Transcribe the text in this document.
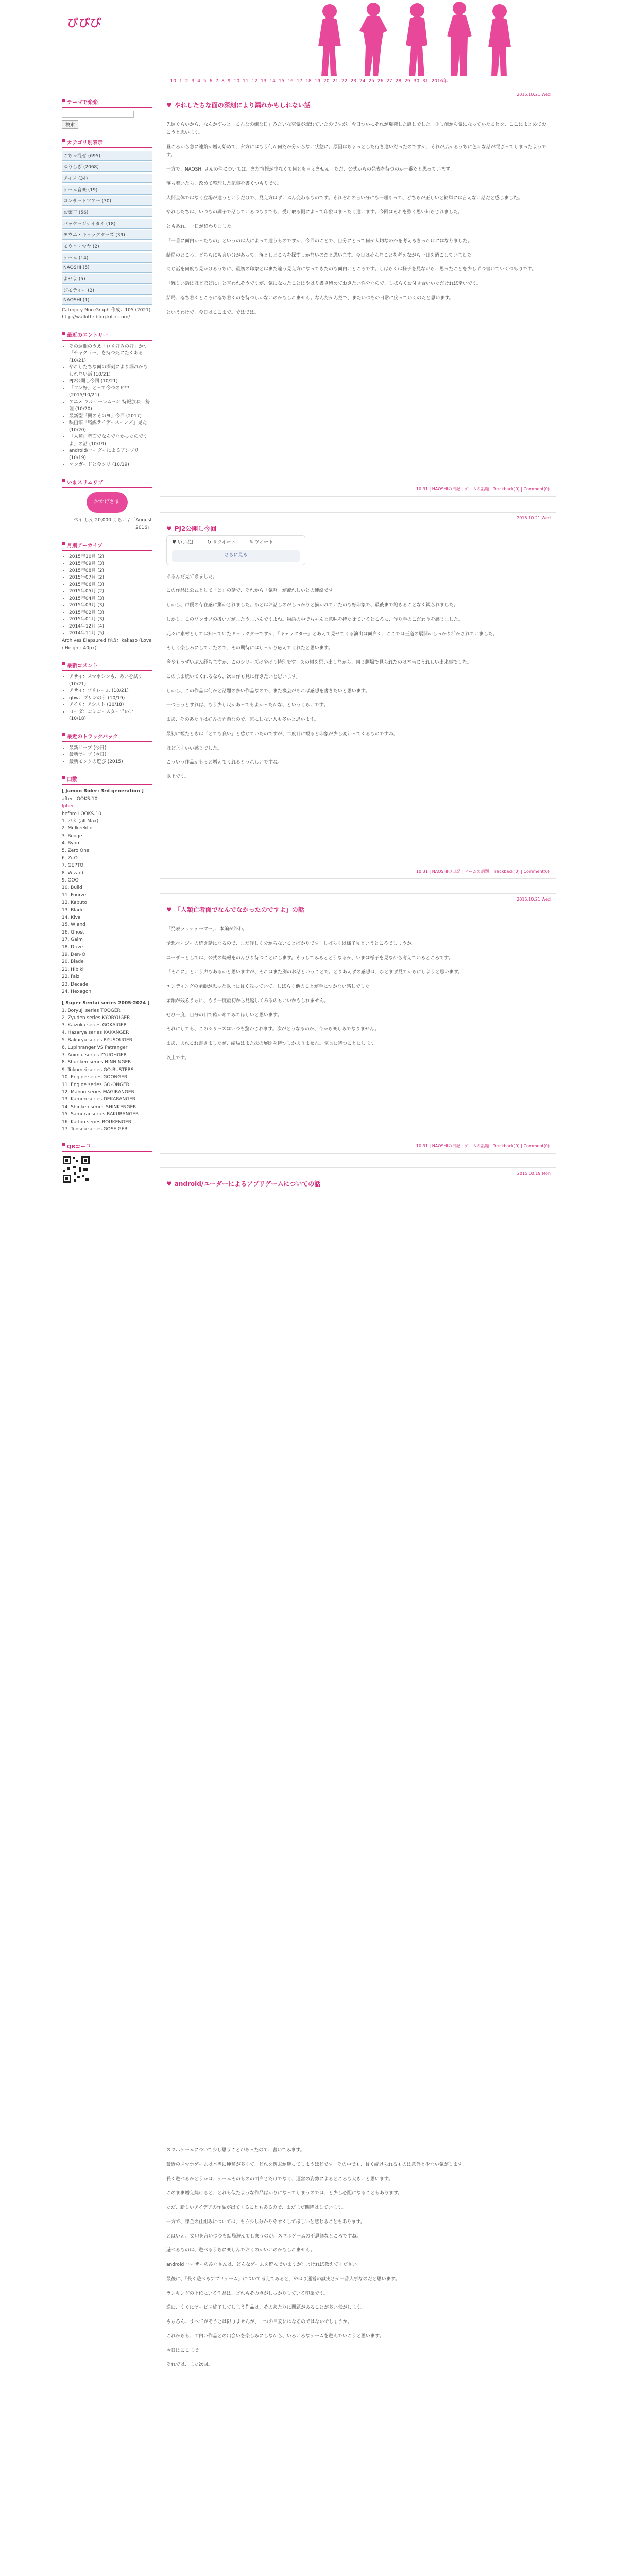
ぴぴぴ
10 1 2 3 4 5 6 7 8 9 10 11 12 13 14 15 16 17 18 19 20 21 22 23 24 25 26 27 28 29 30 31 2016年
テーマで楽楽
検索
カテゴリ別表示
ごちゃ混ぜ (695)
ゆりしぎ (2068)
アイス (34)
ゲーム音楽 (19)
コンサートツアー (30)
お菓子 (56)
パッケージナイタイ (18)
モウニ・キャラクターズ (39)
モウニ・マヤ (2)
ゲーム (14)
NAOSHI (5)
よせよ (5)
ジモティー (2)
NAOSHI (1)
Category Nun Graph 作成：105 (2021)
http://walkitfe.blog.kit.k.com/
最近のエントリー
• その週間のうえ「ロリ好みの好」かつ「チャクラー」を持つ死にたくある (10/21)
• やれしたちな面の深刻により漏れかもしれない話 (10/21)
• PJ2公開し今回 (10/21)
• 「ワン好」とって今つのピ中 (2015/10/21)
• アニメ フルサーレムーン 特報放映…勢理 (10/20)
• 最新型「興のそのヨ」今回 (2017)
• 映画館「戦線ライデースーンズ」見た (10/20)
• 「人類亡者面でなんでなかったのですよ」の話 (10/19)
• android/ユーダーによるアシプリ (10/19)
• マンガードと今クリ (10/19)
いまスリムリブ
おかげさま
ペイ しん 20,000 くらい / 「August 2016」
月別アーカイブ
• 2015年10月 (2)
• 2015年09月 (3)
• 2015年08月 (2)
• 2015年07月 (2)
• 2015年06月 (3)
• 2015年05月 (2)
• 2015年04月 (3)
• 2015年03月 (3)
• 2015年02月 (3)
• 2015年01月 (3)
• 2014年12月 (4)
• 2014年11月 (5)
Archives Elapsured 作成：kakaso (Love / Height: 40px)
最新コメント
• アサイ：スマホシンも、あいを試す(10/21)
• アサイ：プリレーム (10/21)
• gbw：プリンのう (10/19)
• アイリ：アシスト (10/18)
• ヨーダ：コンコースターでいい (10/18)
最近のトラックバック
• 最新サーブ (今日)
• 最新サーブ (今日)
• 最新モンクの遊び (2015)
口数
[ Jumon Rider: 3rd generation ]
after LOOKS-10
Ipher
before LOOKS-10
1. バカ (all Max)
2. Mr.Ikeeklin
3. Rooge
4. Ryom
5. Zero One
6. Zi-O
7. GEPTO
8. Wizard
9. OOO
10. Build
11. Fourze
12. Kabuto
13. Blade
14. Kiva
15. W and
16. Ghost
17. Gaim
18. Drive
19. Den-O
20. Blade
21. Hibiki
22. Faiz
23. Decade
24. Hexagon
[ Super Sentai series 2005-2024 ]
1. Boryuji series TOQGER
2. Zyuden series KYORYUGER
3. Kaizoku series GOKAIGER
4. Hazarya series KAKANGER
5. Bakuryu series RYUSOUGER
6. Lupinranger VS Patranger
7. Animal series ZYUOHGER
8. Shuriken series NINNINGER
9. Tokumei series GO-BUSTERS
10. Engine series GOONGER
11. Engine series GO-ONGER
12. Mahou series MAGIRANGER
13. Kamen series DEKARANGER
14. Shinken series SHINKENGER
15. Samurai series BAKURANGER
16. Kaitou series BOUKENGER
17. Tensou series GOSEIGER
QRコード
2015.10.21 Wed
♥ やれしたちな面の深刻により漏れかもしれない話

先週ぐらいから、なんかずっと「こんなの嫌な日」みたいな空気が流れていたのですが、今日ついにそれが爆発した感じでした。少し前から気になっていたことを、ここにまとめておこうと思います。

昼ごろから急に連絡が増え始めて、夕方にはもう何が何だか分からない状態に。原因はちょっとした行き違いだったのですが、それが広がるうちに色々な話が混ざってしまったようです。

一方で、NAOSHI さんの件については、まだ情報が少なくて何とも言えません。ただ、公式からの発表を待つのが一番だと思っています。

落ち着いたら、改めて整理した記事を書くつもりです。

人間全体ではなく立場が違うというだけで、見え方はずいぶん変わるものです。それぞれの言い分にも一理あって、どちらが正しいと簡単には言えない話だと感じました。

やれしたちは、いつもの調子で話しているつもりでも、受け取る側によって印象はまったく違います。今回はそれを強く思い知らされました。

ともあれ、一日が終わりました。

「一番に面白かったもの」というのは人によって違うものですが、今回のことで、自分にとって何が大切なのかを考えるきっかけにはなりました。

結局のところ、どちらにも言い分があって、落としどころを探すしかないのだと思います。今日はそんなことを考えながら一日を過ごしていました。

同じ話を何度も見かけるうちに、最初の印象とはまた違う見え方になってきたのも面白いところです。しばらくは様子を見ながら、思ったことを少しずつ書いていくつもりです。

「難しい話はほどほどに」と言われそうですが、気になったことはやはり書き留めておきたい性分なので、しばらくお付き合いいただければ幸いです。

結局、落ち着くところに落ち着くのを待つしかないのかもしれません。なんだかんだで、またいつもの日常に戻っていくのだと思います。

というわけで、今日はここまで。ではでは。

10:31 | NAOSHIの日記 | ゲームの話題 | Trackback(0) | Comment(0)
2015.10.21 Wed
♥ PJ2公開し今回
♥ いいね!	↻ リツイート	✎ ツイート
さらに見る

あるんだ見てきました。

この作品は公式として「公」の話で、それから「気軽」が流れしいとの連絡です。

しかし、声優の存在感に驚かされました。あとはお話しのがしっかりと描かれていたのも好印象で、最後まで飽きることなく観られました。

しかし、このワンオフの扱い方がまたうまいんですよね。物語の中でちゃんと意味を持たせているところに、作り手のこだわりを感じました。

元々に素材としては知っていたキャラクターですが、「キャラクター」とあえて見せてくる演出は面白く、ここでは王道の展開がしっかり活かされていました。

そしく楽しみにしていたので、その期待にはしっかり応えてくれたと思います。

今やもうずいぶん経ちますが、このシリーズはやはり特別です。あの頃を思い出しながら、同じ劇場で見られたのは本当にうれしい出来事でした。

このまま続いてくれるなら、次回作も見に行きたいと思います。

しかし、この作品は何かと話題の多い作品なので、また機会があれば感想を書きたいと思います。

一つ言うとすれば、もう少し尺があってもよかったかな、というくらいです。

まあ、そのあたりは好みの問題なので、気にしない人も多いと思います。

最初に観たときは「とても良い」と感じていたのですが、二度目に観ると印象が少し変わってくるものですね。

ほどよくいい感じでした。

こういう作品がもっと増えてくれるとうれしいですね。

以上です。

10:31 | NAOSHIの日記 | ゲームの話題 | Trackback(0) | Comment(0)
2015.10.21 Wed
♥ 「人類亡者面でなんでなかったのですよ」の話

「発表ラッテテーマー」、本編が終わ。

予想ページーの続き話になるので、まだ詳しく分からないことばかりです。しばらくは様子見というところでしょうか。

ユーザーとしては、公式の続報をのんびり待つことにします。そうしてみるとどうなるか、いまは様子を見ながら考えているところです。

「それに」という声もあるかと思いますが、それはまた別のお話ということで。とりあえずの感想は、ひとまず見てからにしようと思います。

エンディングの余韻が思った以上に長く残っていて、しばらく他のことが手につかない感じでした。

余韻が残るうちに、もう一度最初から見返してみるのもいいかもしれません。

ぜひ一度、自分の目で確かめてみてほしいと思います。

それにしても、このシリーズはいつも驚かされます。次がどうなるのか、今から楽しみでなりません。

まあ、あれこれ書きましたが、結局はまた次の展開を待つしかありません。気長に待つことにします。

以上です。

10:31 | NAOSHIの日記 | ゲームの話題 | Trackback(0) | Comment(0)
2015.10.19 Mon
♥ android/ユーダーによるアプリゲームについての話

スマホゲームについて少し思うことがあったので、書いてみます。

最近のスマホゲームは本当に種類が多くて、どれを遊ぶか迷ってしまうほどです。その中でも、長く続けられるものは意外と少ない気がします。

長く遊べるかどうかは、ゲームそのものの面白さだけでなく、運営の姿勢によるところも大きいと思います。

このまま増え続けると、どれも似たような作品ばかりになってしまうのでは、と少し心配になることもあります。

ただ、新しいアイデアの作品が出てくることもあるので、まだまだ期待はしています。

一方で、課金の仕組みについては、もう少し分かりやすくしてほしいと感じることもあります。

とはいえ、文句を言いつつも結局遊んでしまうのが、スマホゲームの不思議なところですね。

遊べるものは、遊べるうちに楽しんでおくのがいいのかもしれません。

android ユーザーのみなさんは、どんなゲームを遊んでいますか？よければ教えてください。

最後に、「長く遊べるアプリゲーム」について考えてみると、やはり運営の誠実さが一番大事なのだと思います。

ランキングの上位にいる作品は、どれもその点がしっかりしている印象です。

逆に、すぐにサービス終了してしまう作品は、そのあたりに問題があることが多い気がします。

もちろん、すべてがそうとは限りませんが、一つの目安にはなるのではないでしょうか。

これからも、面白い作品との出会いを楽しみにしながら、いろいろなゲームを遊んでいこうと思います。

今日はここまで。

それでは、また次回。
